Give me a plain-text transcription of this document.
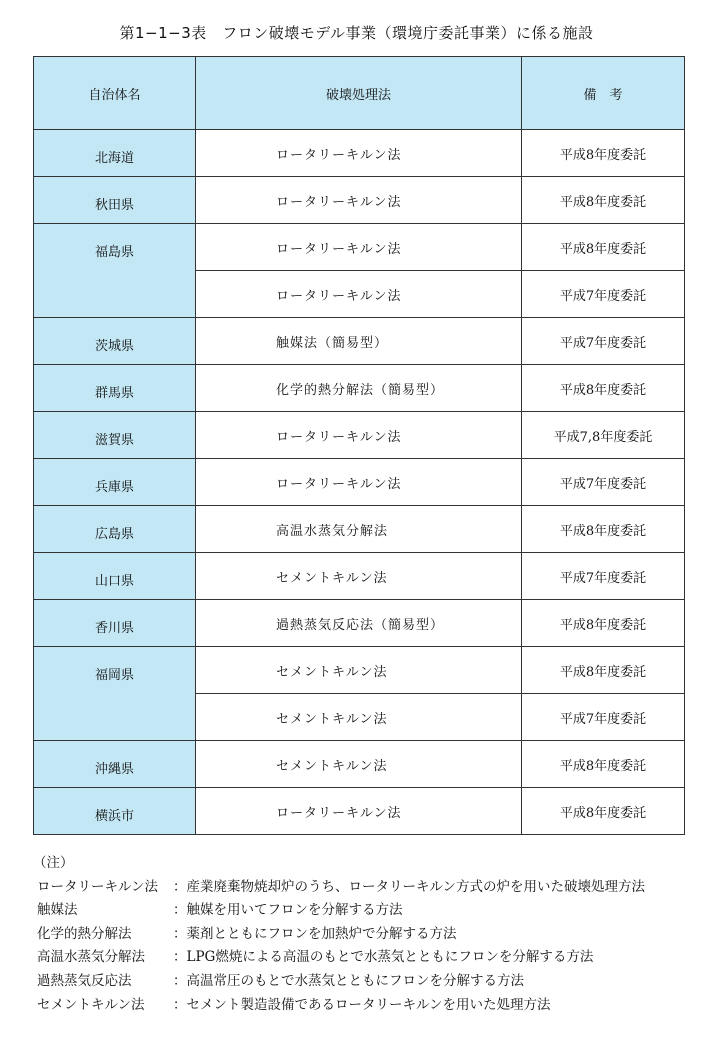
第1−1−3表　フロン破壊モデル事業（環境庁委託事業）に係る施設
自治体名	破壊処理法	備　考
北海道	ロータリーキルン法	平成8年度委託
秋田県	ロータリーキルン法	平成8年度委託
福島県	ロータリーキルン法	平成8年度委託
	ロータリーキルン法	平成7年度委託
茨城県	触媒法（簡易型）	平成7年度委託
群馬県	化学的熱分解法（簡易型）	平成8年度委託
滋賀県	ロータリーキルン法	平成7,8年度委託
兵庫県	ロータリーキルン法	平成7年度委託
広島県	高温水蒸気分解法	平成8年度委託
山口県	セメントキルン法	平成7年度委託
香川県	過熱蒸気反応法（簡易型）	平成8年度委託
福岡県	セメントキルン法	平成8年度委託
	セメントキルン法	平成7年度委託
沖縄県	セメントキルン法	平成8年度委託
横浜市	ロータリーキルン法	平成8年度委託
（注）
ロータリーキルン法	：産業廃棄物焼却炉のうち、ロータリーキルン方式の炉を用いた破壊処理方法
触媒法	：触媒を用いてフロンを分解する方法
化学的熱分解法	：薬剤とともにフロンを加熱炉で分解する方法
高温水蒸気分解法	：LPG燃焼による高温のもとで水蒸気とともにフロンを分解する方法
過熱蒸気反応法	：高温常圧のもとで水蒸気とともにフロンを分解する方法
セメントキルン法	：セメント製造設備であるロータリーキルンを用いた処理方法
